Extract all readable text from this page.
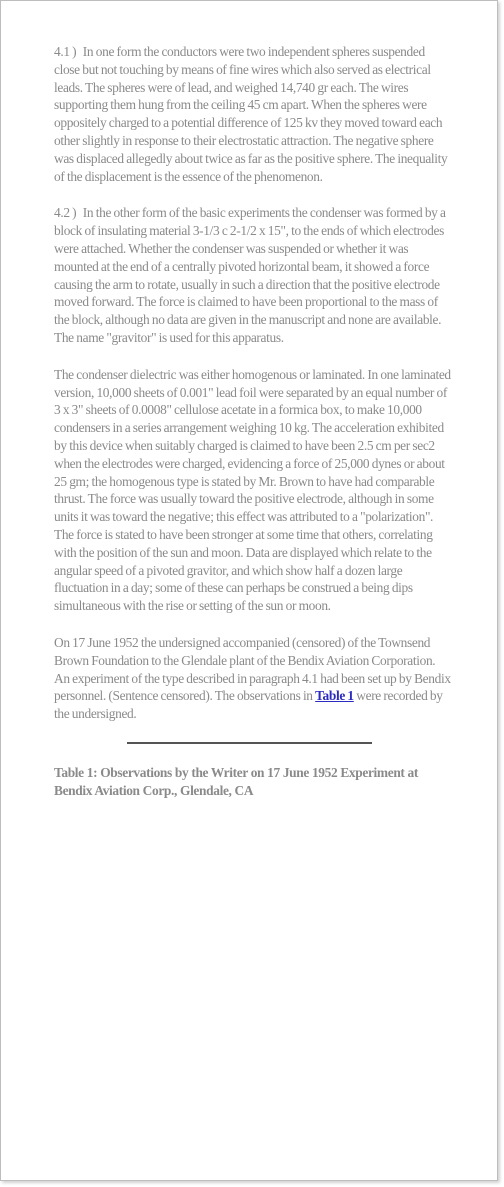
4.1 ) In one form the conductors were two independent spheres suspended close but not touching by means of fine wires which also served as electrical leads. The spheres were of lead, and weighed 14,740 gr each. The wires supporting them hung from the ceiling 45 cm apart. When the spheres were oppositely charged to a potential difference of 125 kv they moved toward each other slightly in response to their electrostatic attraction. The negative sphere was displaced allegedly about twice as far as the positive sphere. The inequality of the displacement is the essence of the phenomenon.

4.2 ) In the other form of the basic experiments the condenser was formed by a block of insulating material 3-1/3 c 2-1/2 x 15", to the ends of which electrodes were attached. Whether the condenser was suspended or whether it was mounted at the end of a centrally pivoted horizontal beam, it showed a force causing the arm to rotate, usually in such a direction that the positive electrode moved forward. The force is claimed to have been proportional to the mass of the block, although no data are given in the manuscript and none are available. The name "gravitor" is used for this apparatus.

The condenser dielectric was either homogenous or laminated. In one laminated version, 10,000 sheets of 0.001" lead foil were separated by an equal number of 3 x 3" sheets of 0.0008" cellulose acetate in a formica box, to make 10,000 condensers in a series arrangement weighing 10 kg. The acceleration exhibited by this device when suitably charged is claimed to have been 2.5 cm per sec2 when the electrodes were charged, evidencing a force of 25,000 dynes or about 25 gm; the homogenous type is stated by Mr. Brown to have had comparable thrust. The force was usually toward the positive electrode, although in some units it was toward the negative; this effect was attributed to a "polarization". The force is stated to have been stronger at some time that others, correlating with the position of the sun and moon. Data are displayed which relate to the angular speed of a pivoted gravitor, and which show half a dozen large fluctuation in a day; some of these can perhaps be construed a being dips simultaneous with the rise or setting of the sun or moon.

On 17 June 1952 the undersigned accompanied (censored) of the Townsend Brown Foundation to the Glendale plant of the Bendix Aviation Corporation. An experiment of the type described in paragraph 4.1 had been set up by Bendix personnel. (Sentence censored). The observations in Table 1 were recorded by the undersigned.

Table 1: Observations by the Writer on 17 June 1952 Experiment at Bendix Aviation Corp., Glendale, CA
